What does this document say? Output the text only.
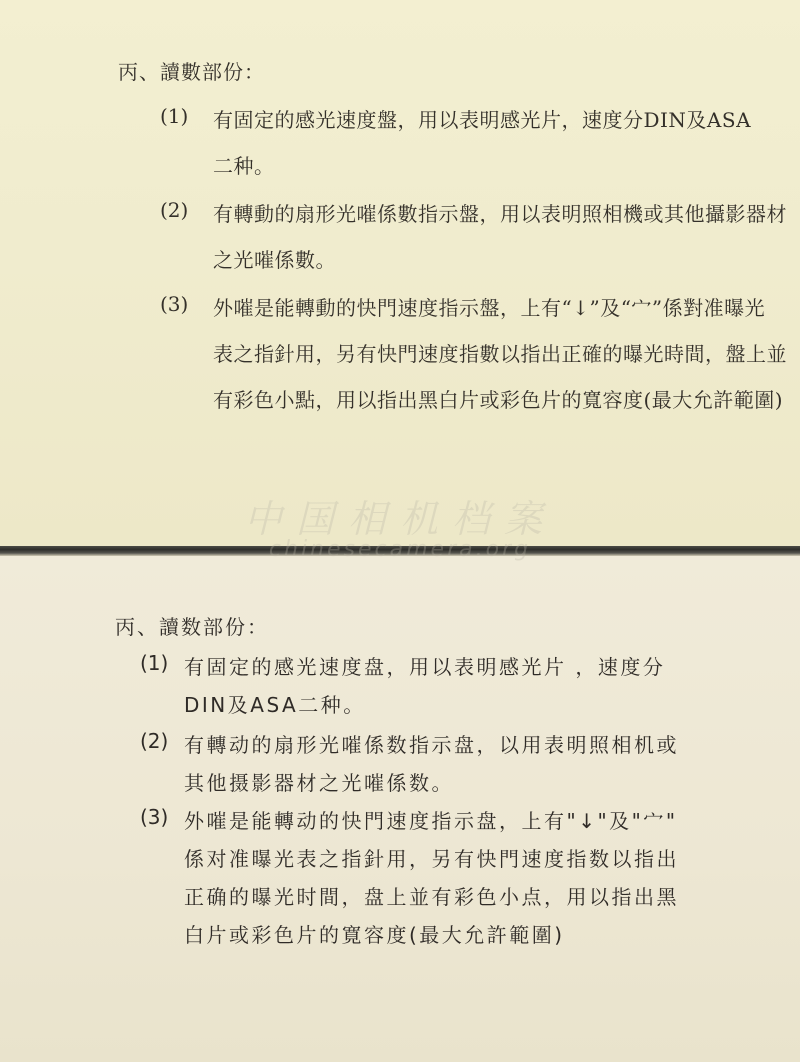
丙、讀數部份：
(1) 有固定的感光速度盤，用以表明感光片，速度分DIN及ASA
二种。
(2) 有轉動的扇形光嗺係數指示盤，用以表明照相機或其他攝影器材
之光嗺係數。
(3) 外嗺是能轉動的快門速度指示盤，上有“↓”及“宀”係對准曝光
表之指針用，另有快門速度指數以指出正確的曝光時間，盤上並
有彩色小點，用以指出黑白片或彩色片的寬容度(最大允許範圍)
丙、讀数部份：
(1) 有固定的感光速度盘，用以表明感光片 ，速度分
DIN及ASA二种。
(2) 有轉动的扇形光嗺係数指示盘，以用表明照相机或
其他摄影器材之光嗺係数。
(3) 外嗺是能轉动的快門速度指示盘，上有"↓"及"宀"
係对准曝光表之指針用，另有快門速度指数以指出
正确的曝光时間，盘上並有彩色小点，用以指出黑
白片或彩色片的寛容度(最大允許範圍)
中国相机档案
chinesecamera.org
